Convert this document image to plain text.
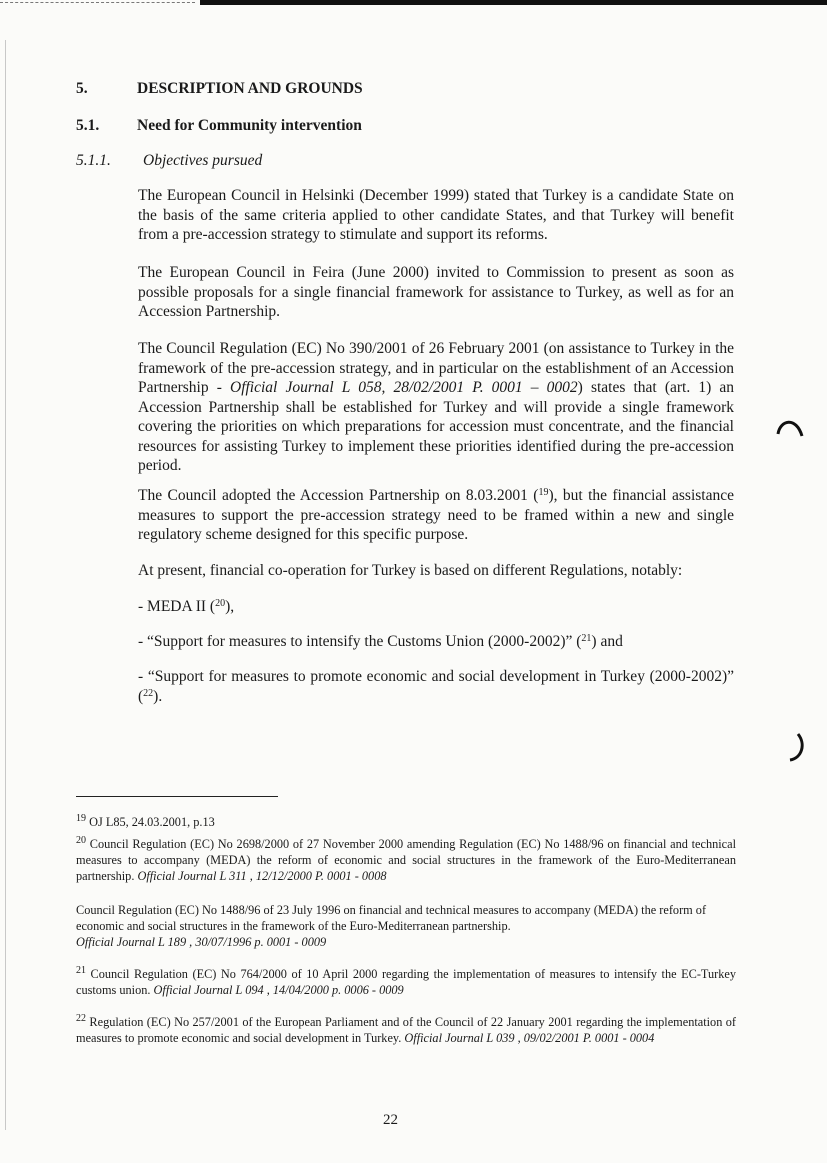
5.	DESCRIPTION AND GROUNDS
5.1. Need for Community intervention
5.1.1. Objectives pursued
The European Council in Helsinki (December 1999) stated that Turkey is a candidate State on the basis of the same criteria applied to other candidate States, and that Turkey will benefit from a pre-accession strategy to stimulate and support its reforms.
The European Council in Feira (June 2000) invited to Commission to present as soon as possible proposals for a single financial framework for assistance to Turkey, as well as for an Accession Partnership.
The Council Regulation (EC) No 390/2001 of 26 February 2001 (on assistance to Turkey in the framework of the pre-accession strategy, and in particular on the establishment of an Accession Partnership - Official Journal L 058, 28/02/2001 P. 0001 – 0002) states that (art. 1) an Accession Partnership shall be established for Turkey and will provide a single framework covering the priorities on which preparations for accession must concentrate, and the financial resources for assisting Turkey to implement these priorities identified during the pre-accession period.
The Council adopted the Accession Partnership on 8.03.2001 ($^{19}$), but the financial assistance measures to support the pre-accession strategy need to be framed within a new and single regulatory scheme designed for this specific purpose.
At present, financial co-operation for Turkey is based on different Regulations, notably:
- MEDA II ($^{20}$),
- “Support for measures to intensify the Customs Union (2000-2002)” ($^{21}$) and
- “Support for measures to promote economic and social development in Turkey (2000-2002)” ($^{22}$).
$^{19}$ OJ L85, 24.03.2001, p.13
$^{20}$ Council Regulation (EC) No 2698/2000 of 27 November 2000 amending Regulation (EC) No 1488/96 on financial and technical measures to accompany (MEDA) the reform of economic and social structures in the framework of the Euro-Mediterranean partnership. Official Journal L 311 , 12/12/2000 P. 0001 - 0008
Council Regulation (EC) No 1488/96 of 23 July 1996 on financial and technical measures to accompany (MEDA) the reform of economic and social structures in the framework of the Euro-Mediterranean partnership.
Official Journal L 189 , 30/07/1996 p. 0001 - 0009
$^{21}$ Council Regulation (EC) No 764/2000 of 10 April 2000 regarding the implementation of measures to intensify the EC-Turkey customs union. Official Journal L 094 , 14/04/2000 p. 0006 - 0009
$^{22}$ Regulation (EC) No 257/2001 of the European Parliament and of the Council of 22 January 2001 regarding the implementation of measures to promote economic and social development in Turkey. Official Journal L 039 , 09/02/2001 P. 0001 - 0004
22
